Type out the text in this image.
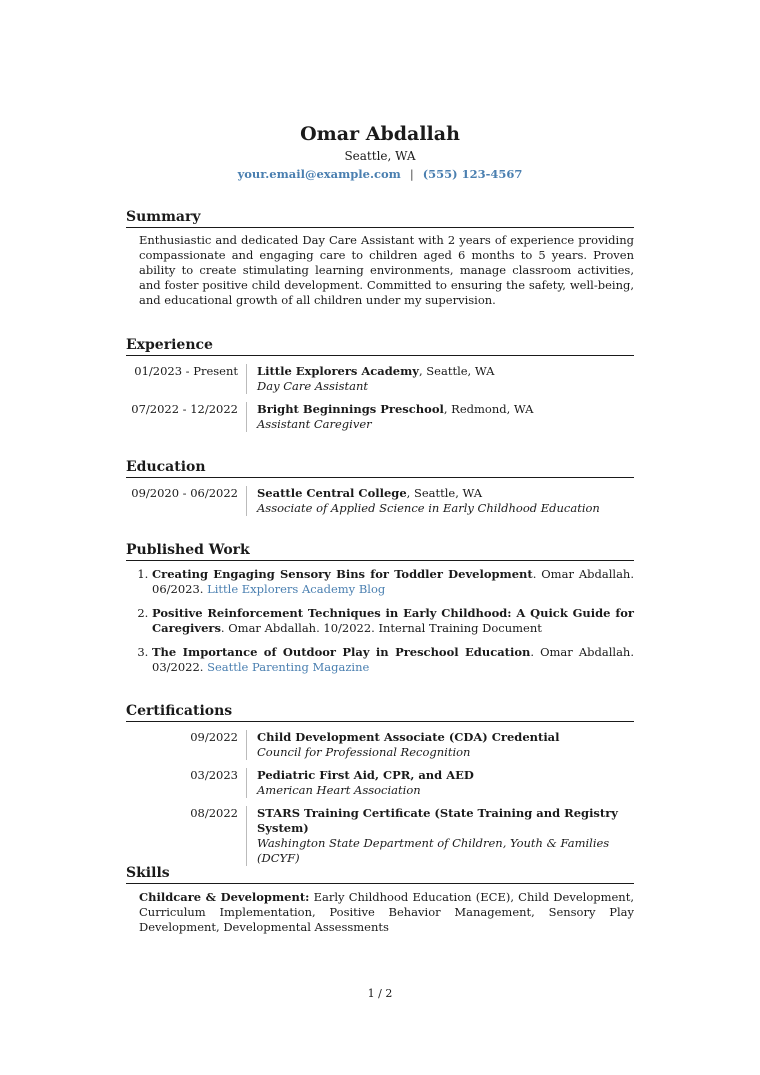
Omar Abdallah
Seattle, WA
your.email@example.com | (555) 123-4567
Summary
Enthusiastic and dedicated Day Care Assistant with 2 years of experience providing compassionate and engaging care to children aged 6 months to 5 years. Proven ability to create stimulating learning environments, manage classroom activities, and foster positive child development. Committed to ensuring the safety, well-being, and educational growth of all children under my supervision.
Experience
01/2023 - Present	Little Explorers Academy, Seattle, WA
Day Care Assistant
07/2022 - 12/2022	Bright Beginnings Preschool, Redmond, WA
Assistant Caregiver
Education
09/2020 - 06/2022	Seattle Central College, Seattle, WA
Associate of Applied Science in Early Childhood Education
Published Work
1. Creating Engaging Sensory Bins for Toddler Development. Omar Abdallah. 06/2023. Little Explorers Academy Blog
2. Positive Reinforcement Techniques in Early Childhood: A Quick Guide for Caregivers. Omar Abdallah. 10/2022. Internal Training Document
3. The Importance of Outdoor Play in Preschool Education. Omar Abdallah. 03/2022. Seattle Parenting Magazine
Certifications
09/2022	Child Development Associate (CDA) Credential
Council for Professional Recognition
03/2023	Pediatric First Aid, CPR, and AED
American Heart Association
08/2022	STARS Training Certificate (State Training and Registry System)
Washington State Department of Children, Youth & Families (DCYF)
Skills
Childcare & Development: Early Childhood Education (ECE), Child Development, Curriculum Implementation, Positive Behavior Management, Sensory Play Development, Developmental Assessments
1 / 2
